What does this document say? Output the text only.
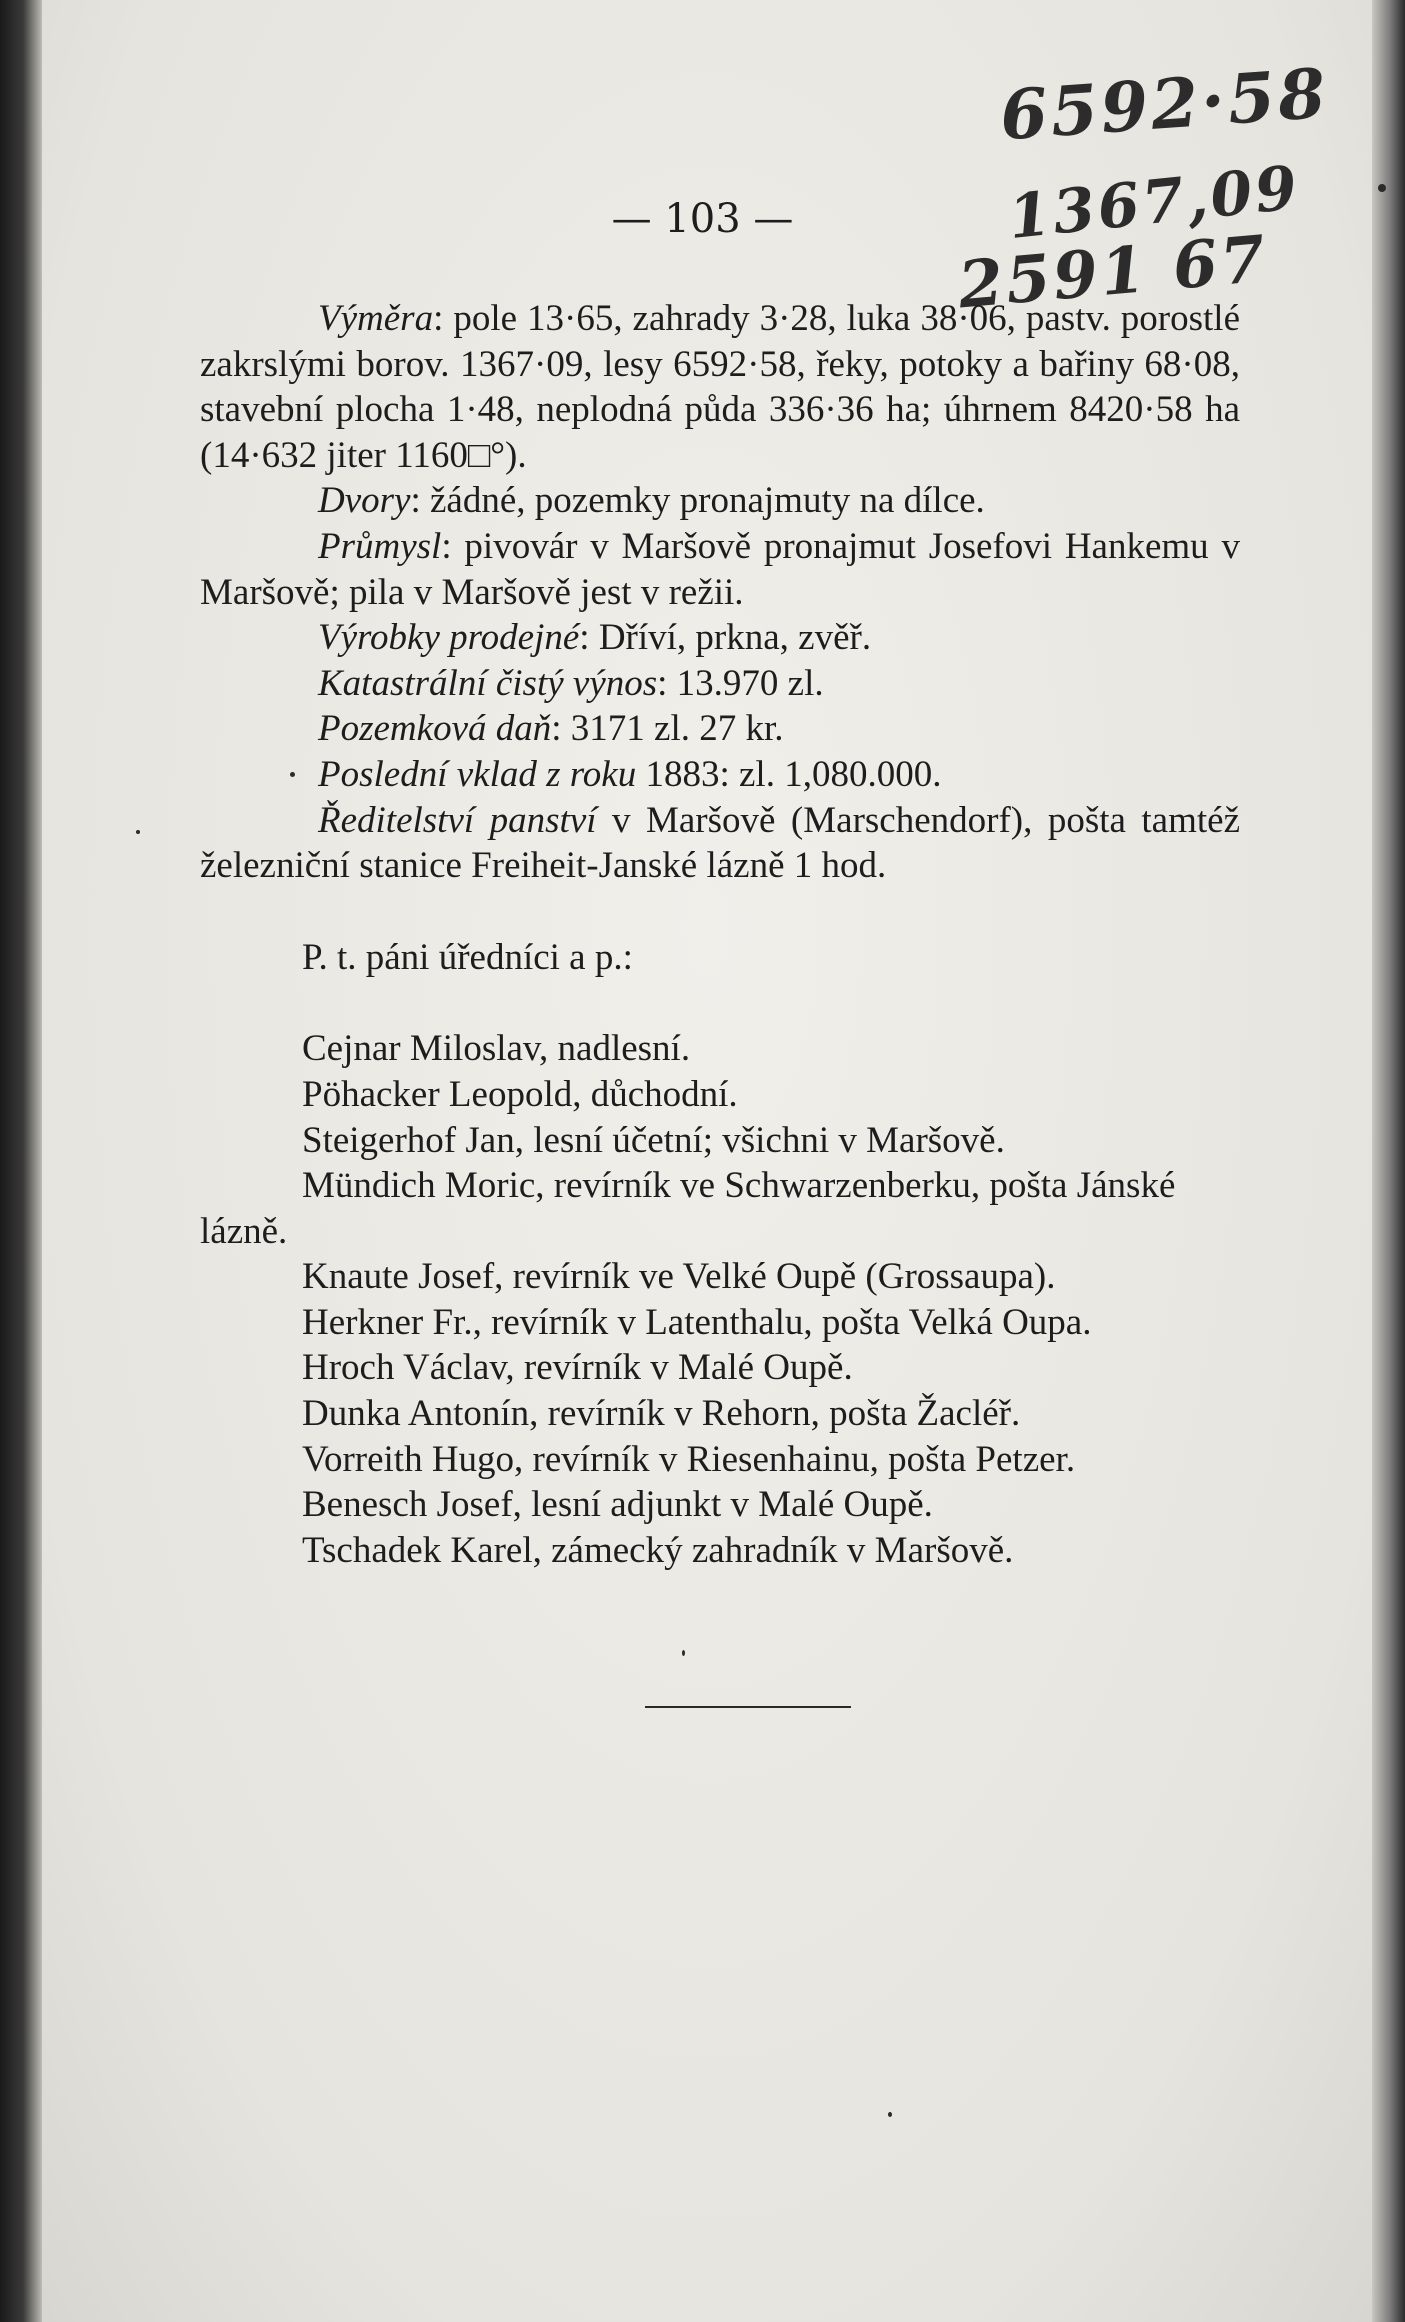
6592·58
1367,09
2591 67
— 103 —

Výměra: pole 13·65, zahrady 3·28, luka 38·06, pastv. porostlé zakrslými borov. 1367·09, lesy 6592·58, řeky, potoky a bařiny 68·08, stavební plocha 1·48, neplodná půda 336·36 ha; úhrnem 8420·58 ha (14·632 jiter 1160□°).

Dvory: žádné, pozemky pronajmuty na dílce.

Průmysl: pivovár v Maršově pronajmut Josefovi Hankemu v Maršově; pila v Maršově jest v režii.

Výrobky prodejné: Dříví, prkna, zvěř.

Katastrální čistý výnos: 13.970 zl.

Pozemková daň: 3171 zl. 27 kr.

Poslední vklad z roku 1883: zl. 1,080.000.

Ředitelství panství v Maršově (Marschendorf), pošta tamtéž železniční stanice Freiheit-Janské lázně 1 hod.

P. t. páni úředníci a p.:

Cejnar Miloslav, nadlesní.

Pöhacker Leopold, důchodní.

Steigerhof Jan, lesní účetní; všichni v Maršově.

Mündich Moric, revírník ve Schwarzenberku, pošta Jánské lázně.

Knaute Josef, revírník ve Velké Oupě (Grossaupa).

Herkner Fr., revírník v Latenthalu, pošta Velká Oupa.

Hroch Václav, revírník v Malé Oupě.

Dunka Antonín, revírník v Rehorn, pošta Žacléř.

Vorreith Hugo, revírník v Riesenhainu, pošta Petzer.

Benesch Josef, lesní adjunkt v Malé Oupě.

Tschadek Karel, zámecký zahradník v Maršově.
